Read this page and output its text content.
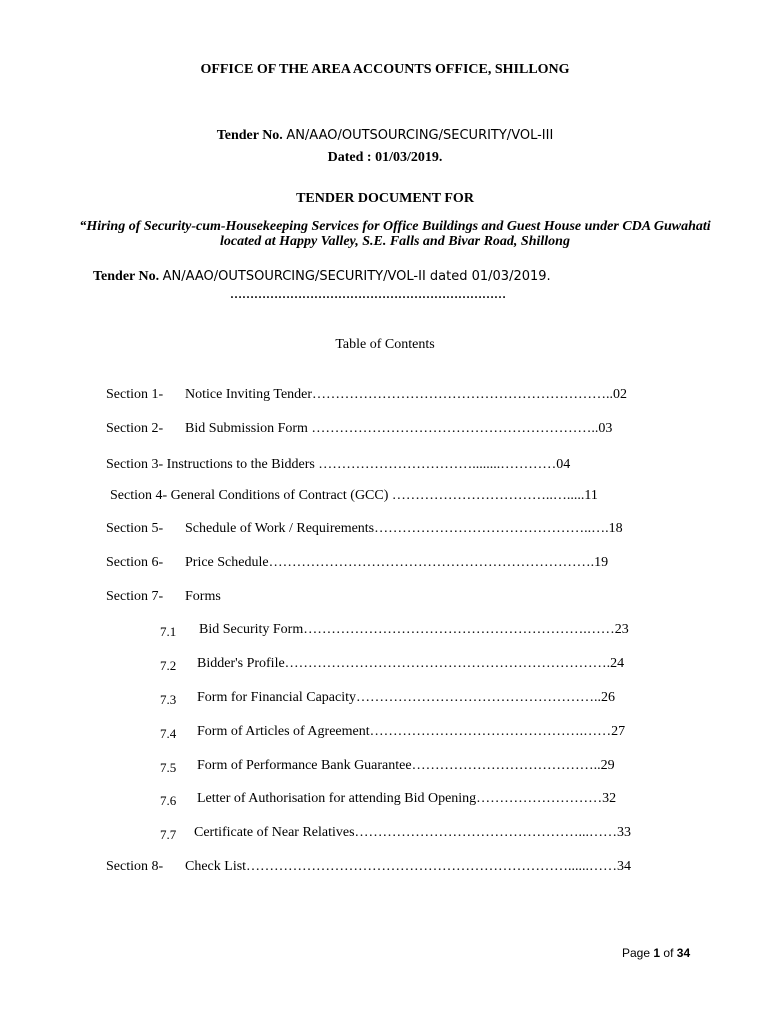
OFFICE OF THE AREA ACCOUNTS OFFICE, SHILLONG
Tender No. AN/AAO/OUTSOURCING/SECURITY/VOL-III
Dated : 01/03/2019.
TENDER DOCUMENT FOR
“Hiring of Security-cum-Housekeeping Services for Office Buildings and Guest House under CDA Guwahati located at Happy Valley, S.E. Falls and Bivar Road, Shillong
Tender No. AN/AAO/OUTSOURCING/SECURITY/VOL-II dated 01/03/2019.
……………………………………………………………
Table of Contents
Section 1- Notice Inviting Tender………………………………………………………..02
Section 2- Bid Submission Form ……………………………………………………..03
Section 3- Instructions to the Bidders ……………………………........…………04
Section 4- General Conditions of Contract (GCC) ……………………………..….....11
Section 5- Schedule of Work / Requirements………………………………………..….18
Section 6- Price Schedule…………………………………………………………….19
Section 7- Forms
7.1 Bid Security Form…………………………………………………….……23
7.2 Bidder's Profile…………………………………………………………….24
7.3 Form for Financial Capacity……………………………………………..26
7.4 Form of Articles of Agreement……………………………………….……27
7.5 Form of Performance Bank Guarantee…………………………………..29
7.6 Letter of Authorisation for attending Bid Opening………………………32
7.7 Certificate of Near Relatives…………………………………………...……33
Section 8- Check List……………………………………………………………......……34
Page 1 of 34
